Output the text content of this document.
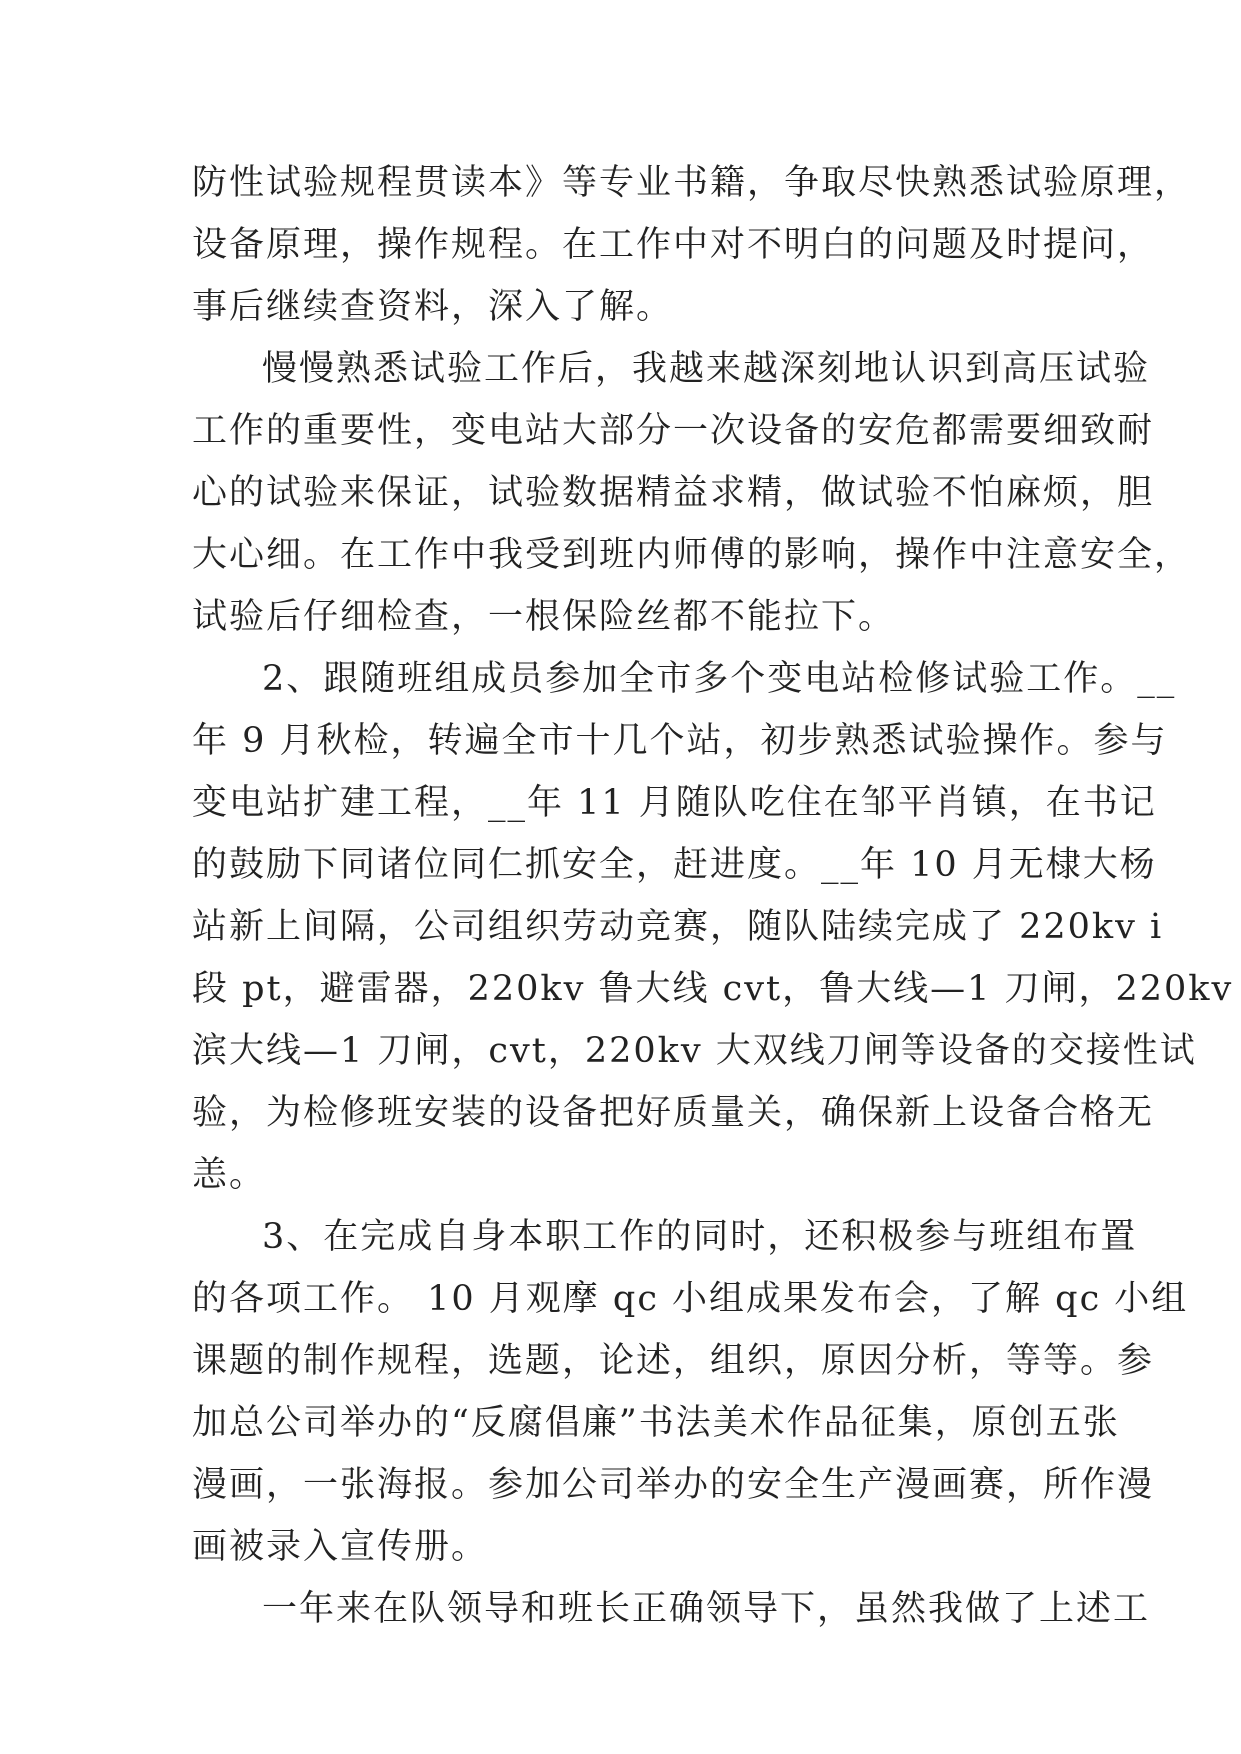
防性试验规程贯读本》等专业书籍，争取尽快熟悉试验原理，
设备原理，操作规程。在工作中对不明白的问题及时提问，
事后继续查资料，深入了解。
慢慢熟悉试验工作后，我越来越深刻地认识到高压试验
工作的重要性，变电站大部分一次设备的安危都需要细致耐
心的试验来保证，试验数据精益求精，做试验不怕麻烦，胆
大心细。在工作中我受到班内师傅的影响，操作中注意安全，
试验后仔细检查，一根保险丝都不能拉下。
2、跟随班组成员参加全市多个变电站检修试验工作。__
年 9 月秋检，转遍全市十几个站，初步熟悉试验操作。参与
变电站扩建工程，__年 11 月随队吃住在邹平肖镇，在书记
的鼓励下同诸位同仁抓安全，赶进度。__年 10 月无棣大杨
站新上间隔，公司组织劳动竞赛，随队陆续完成了 220kv i
段 pt，避雷器，220kv 鲁大线 cvt，鲁大线—1 刀闸，220kv
滨大线—1 刀闸，cvt，220kv 大双线刀闸等设备的交接性试
验，为检修班安装的设备把好质量关，确保新上设备合格无
恙。
3、在完成自身本职工作的同时，还积极参与班组布置
的各项工作。 10 月观摩 qc 小组成果发布会，了解 qc 小组
课题的制作规程，选题，论述，组织，原因分析，等等。参
加总公司举办的“反腐倡廉”书法美术作品征集，原创五张
漫画，一张海报。参加公司举办的安全生产漫画赛，所作漫
画被录入宣传册。
一年来在队领导和班长正确领导下，虽然我做了上述工
